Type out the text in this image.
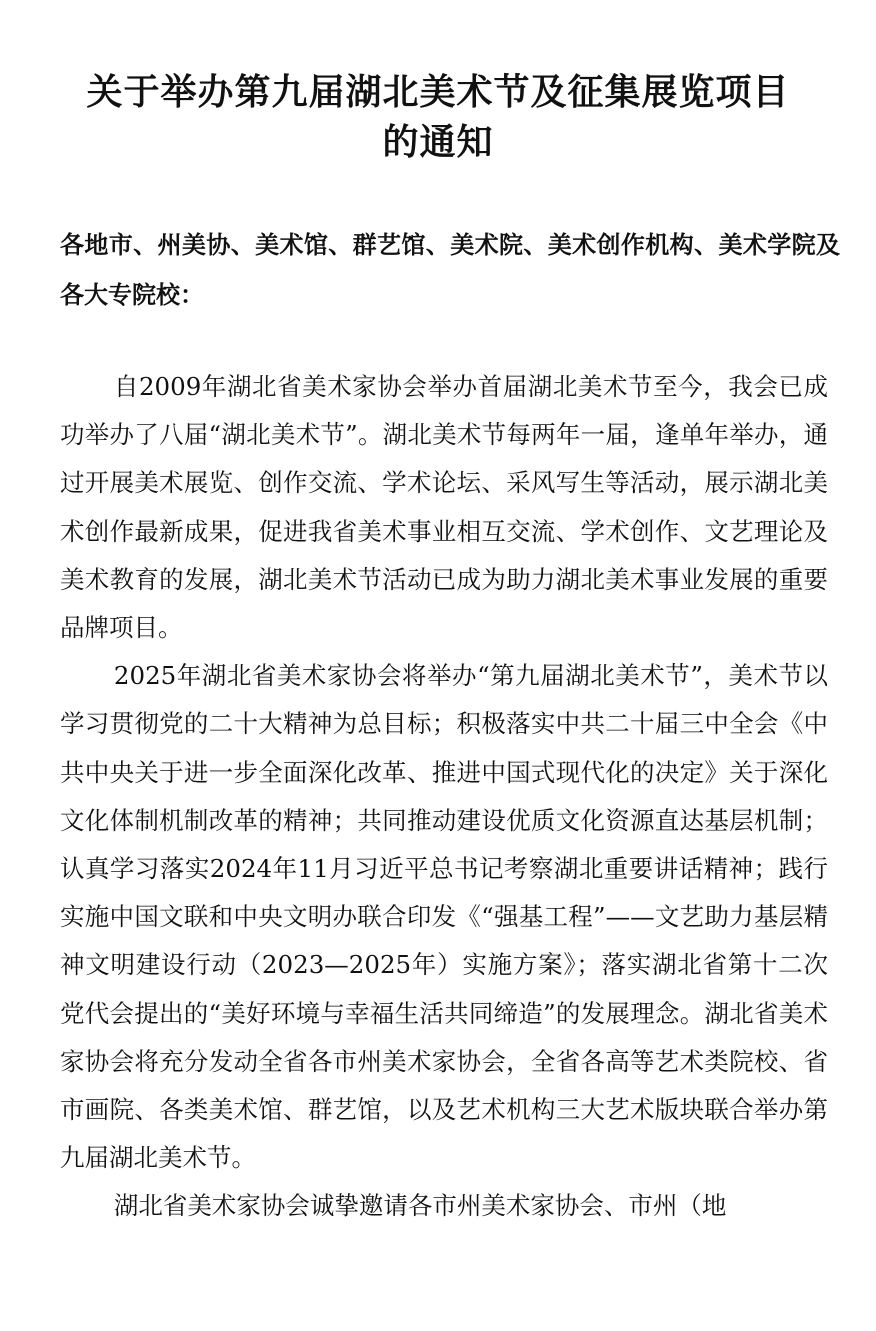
关于举办第九届湖北美术节及征集展览项目
的通知

各地市、州美协、美术馆、群艺馆、美术院、美术创作机构、美术学院及各大专院校：

自2009年湖北省美术家协会举办首届湖北美术节至今，我会已成功举办了八届“湖北美术节”。湖北美术节每两年一届，逢单年举办，通过开展美术展览、创作交流、学术论坛、采风写生等活动，展示湖北美术创作最新成果，促进我省美术事业相互交流、学术创作、文艺理论及美术教育的发展，湖北美术节活动已成为助力湖北美术事业发展的重要品牌项目。

2025年湖北省美术家协会将举办“第九届湖北美术节”，美术节以学习贯彻党的二十大精神为总目标；积极落实中共二十届三中全会《中共中央关于进一步全面深化改革、推进中国式现代化的决定》关于深化文化体制机制改革的精神；共同推动建设优质文化资源直达基层机制；认真学习落实2024年11月习近平总书记考察湖北重要讲话精神；践行实施中国文联和中央文明办联合印发《“强基工程”——文艺助力基层精神文明建设行动（2023—2025年）实施方案》；落实湖北省第十二次党代会提出的“美好环境与幸福生活共同缔造”的发展理念。湖北省美术家协会将充分发动全省各市州美术家协会，全省各高等艺术类院校、省市画院、各类美术馆、群艺馆，以及艺术机构三大艺术版块联合举办第九届湖北美术节。

湖北省美术家协会诚挚邀请各市州美术家协会、市州（地
